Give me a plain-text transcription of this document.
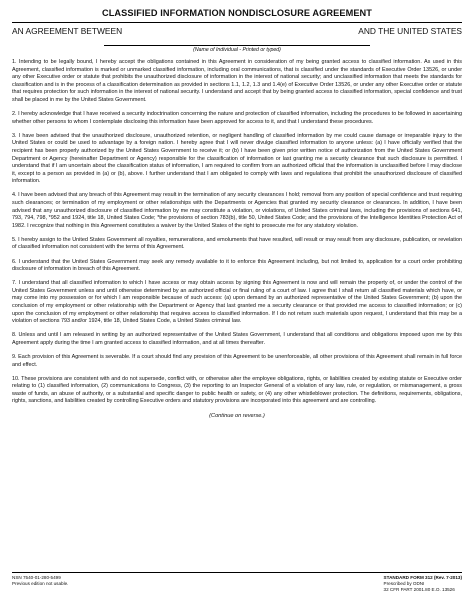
CLASSIFIED INFORMATION NONDISCLOSURE AGREEMENT
AN AGREEMENT BETWEEN	AND THE UNITED STATES
(Name of Individual - Printed or typed)
1. Intending to be legally bound, I hereby accept the obligations contained in this Agreement in consideration of my being granted access to classified information. As used in this Agreement, classified information is marked or unmarked classified information, including oral communications, that is classified under the standards of Executive Order 13526, or under any other Executive order or statute that prohibits the unauthorized disclosure of information in the interest of national security; and unclassified information that meets the standards for classification and is in the process of a classification determination as provided in sections 1.1, 1.2, 1.3 and 1.4(e) of Executive Order 13526, or under any other Executive order or statute that requires protection for such information in the interest of national security. I understand and accept that by being granted access to classified information, special confidence and trust shall be placed in me by the United States Government.
2. I hereby acknowledge that I have received a security indoctrination concerning the nature and protection of classified information, including the procedures to be followed in ascertaining whether other persons to whom I contemplate disclosing this information have been approved for access to it, and that I understand these procedures.
3. I have been advised that the unauthorized disclosure, unauthorized retention, or negligent handling of classified information by me could cause damage or irreparable injury to the United States or could be used to advantage by a foreign nation. I hereby agree that I will never divulge classified information to anyone unless: (a) I have officially verified that the recipient has been properly authorized by the United States Government to receive it; or (b) I have been given prior written notice of authorization from the United States Government Department or Agency (hereinafter Department or Agency) responsible for the classification of information or last granting me a security clearance that such disclosure is permitted. I understand that if I am uncertain about the classification status of information, I am required to confirm from an authorized official that the information is unclassified before I may disclose it, except to a person as provided in (a) or (b), above. I further understand that I am obligated to comply with laws and regulations that prohibit the unauthorized disclosure of classified information.
4. I have been advised that any breach of this Agreement may result in the termination of any security clearances I hold; removal from any position of special confidence and trust requiring such clearances; or termination of my employment or other relationships with the Departments or Agencies that granted my security clearance or clearances. In addition, I have been advised that any unauthorized disclosure of classified information by me may constitute a violation, or violations, of United States criminal laws, including the provisions of sections 641, 793, 794, 798, *952 and 1924, title 18, United States Code; *the provisions of section 783(b), title 50, United States Code; and the provisions of the Intelligence Identities Protection Act of 1982. I recognize that nothing in this Agreement constitutes a waiver by the United States of the right to prosecute me for any statutory violation.
5. I hereby assign to the United States Government all royalties, remunerations, and emoluments that have resulted, will result or may result from any disclosure, publication, or revelation of classified information not consistent with the terms of this Agreement.
6. I understand that the United States Government may seek any remedy available to it to enforce this Agreement including, but not limited to, application for a court order prohibiting disclosure of information in breach of this Agreement.
7. I understand that all classified information to which I have access or may obtain access by signing this Agreement is now and will remain the property of, or under the control of the United States Government unless and until otherwise determined by an authorized official or final ruling of a court of law. I agree that I shall return all classified materials which have, or may come into my possession or for which I am responsible because of such access: (a) upon demand by an authorized representative of the United States Government; (b) upon the conclusion of my employment or other relationship with the Department or Agency that last granted me a security clearance or that provided me access to classified information; or (c) upon the conclusion of my employment or other relationship that requires access to classified information. If I do not return such materials upon request, I understand that this may be a violation of sections 793 and/or 1924, title 18, United States Code, a United States criminal law.
8. Unless and until I am released in writing by an authorized representative of the United States Government, I understand that all conditions and obligations imposed upon me by this Agreement apply during the time I am granted access to classified information, and at all times thereafter.
9. Each provision of this Agreement is severable. If a court should find any provision of this Agreement to be unenforceable, all other provisions of this Agreement shall remain in full force and effect.
10. These provisions are consistent with and do not supersede, conflict with, or otherwise alter the employee obligations, rights, or liabilities created by existing statute or Executive order relating to (1) classified information, (2) communications to Congress, (3) the reporting to an Inspector General of a violation of any law, rule, or regulation, or mismanagement, a gross waste of funds, an abuse of authority, or a substantial and specific danger to public health or safety, or (4) any other whistleblower protection. The definitions, requirements, obligations, rights, sanctions, and liabilities created by controlling Executive orders and statutory provisions are incorporated into this agreement and are controlling.
(Continue on reverse.)
NSN 7540-01-280-5499
Previous edition not usable.
STANDARD FORM 312 (Rev. 7-2013)
Prescribed by ODNI
32 CFR PART 2001.80 E.O. 13526
